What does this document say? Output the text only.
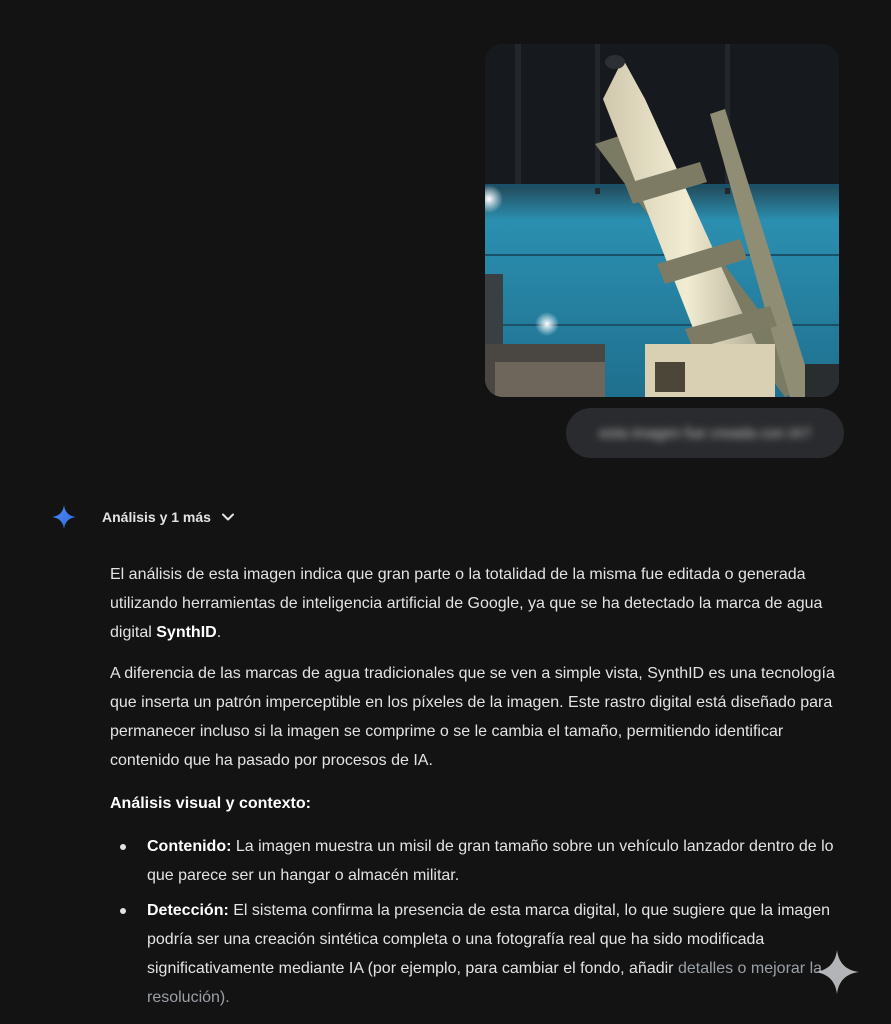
esta imagen fue creada con IA?
Análisis y 1 más

El análisis de esta imagen indica que gran parte o la totalidad de la misma fue editada o generada utilizando herramientas de inteligencia artificial de Google, ya que se ha detectado la marca de agua digital SynthID.

A diferencia de las marcas de agua tradicionales que se ven a simple vista, SynthID es una tecnología que inserta un patrón imperceptible en los píxeles de la imagen. Este rastro digital está diseñado para permanecer incluso si la imagen se comprime o se le cambia el tamaño, permitiendo identificar contenido que ha pasado por procesos de IA.

Análisis visual y contexto:

Contenido: La imagen muestra un misil de gran tamaño sobre un vehículo lanzador dentro de lo que parece ser un hangar o almacén militar.
Detección: El sistema confirma la presencia de esta marca digital, lo que sugiere que la imagen podría ser una creación sintética completa o una fotografía real que ha sido modificada significativamente mediante IA (por ejemplo, para cambiar el fondo, añadir detalles o mejorar la resolución).
